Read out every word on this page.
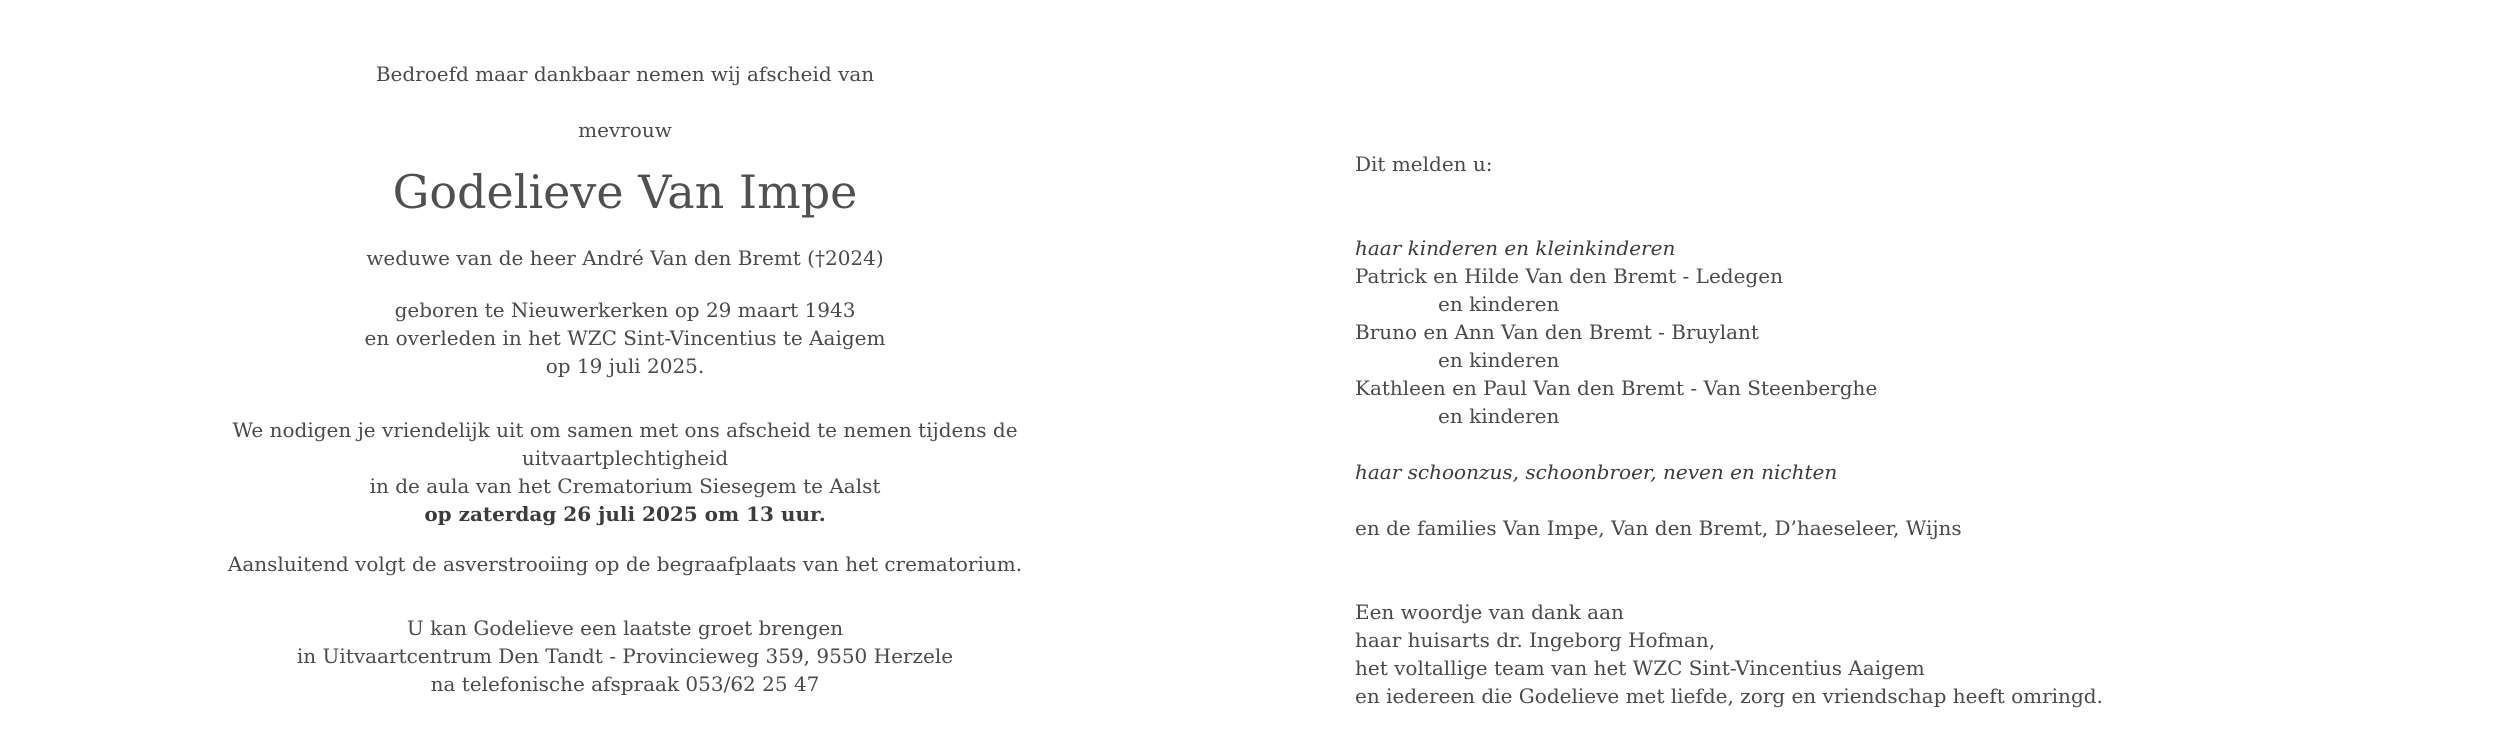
Bedroefd maar dankbaar nemen wij afscheid van

mevrouw

Godelieve Van Impe

weduwe van de heer André Van den Bremt (†2024)

geboren te Nieuwerkerken op 29 maart 1943

en overleden in het WZC Sint-Vincentius te Aaigem

op 19 juli 2025.

We nodigen je vriendelijk uit om samen met ons afscheid te nemen tijdens de uitvaartplechtigheid

in de aula van het Crematorium Siesegem te Aalst

op zaterdag 26 juli 2025 om 13 uur.

Aansluitend volgt de asverstrooiing op de begraafplaats van het crematorium.

U kan Godelieve een laatste groet brengen

in Uitvaartcentrum Den Tandt - Provincieweg 359, 9550 Herzele

na telefonische afspraak 053/62 25 47

Dit melden u:

haar kinderen en kleinkinderen

Patrick en Hilde Van den Bremt - Ledegen

en kinderen

Bruno en Ann Van den Bremt - Bruylant

en kinderen

Kathleen en Paul Van den Bremt - Van Steenberghe

en kinderen

haar schoonzus, schoonbroer, neven en nichten

en de families Van Impe, Van den Bremt, D’haeseleer, Wijns

Een woordje van dank aan

haar huisarts dr. Ingeborg Hofman,

het voltallige team van het WZC Sint-Vincentius Aaigem

en iedereen die Godelieve met liefde, zorg en vriendschap heeft omringd.
